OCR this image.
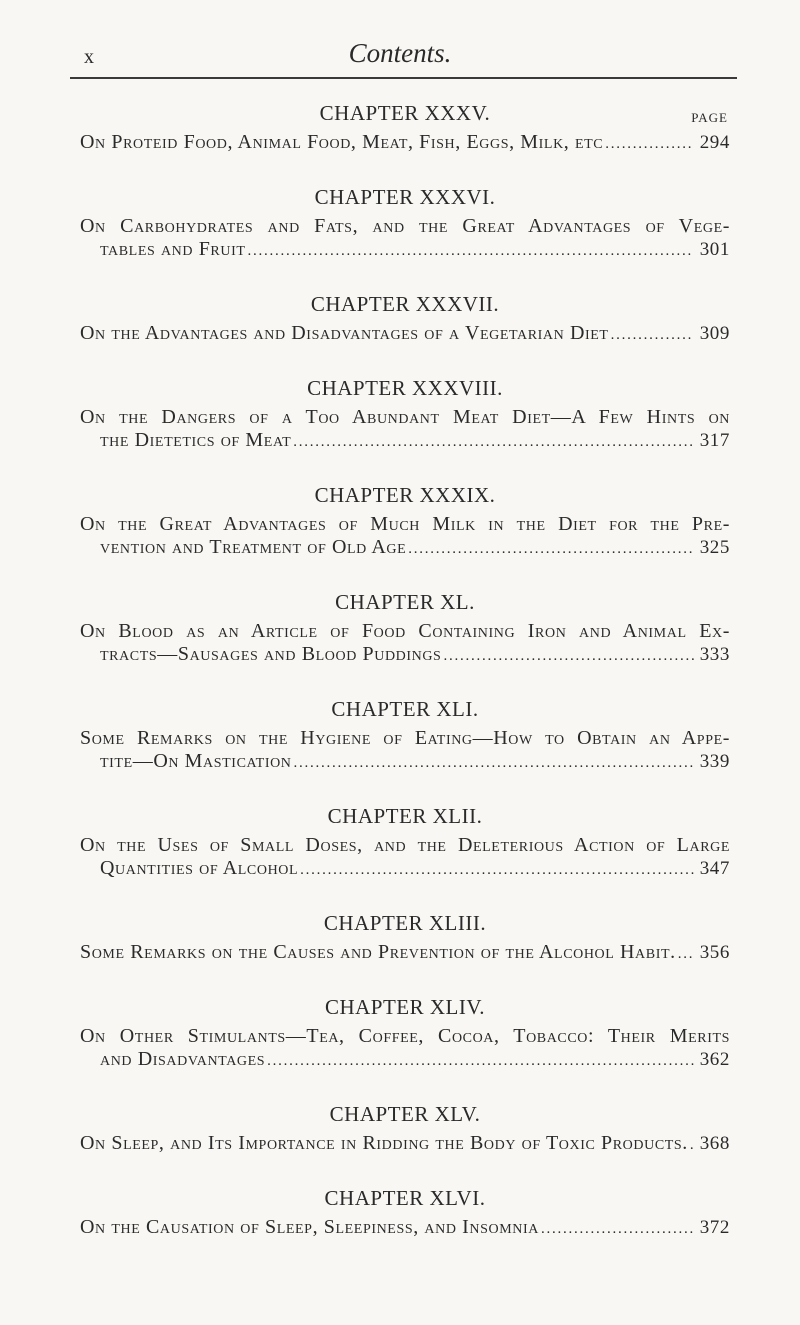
x	Contents.
PAGE
CHAPTER XXXV.
On Proteid Food, Animal Food, Meat, Fish, Eggs, Milk, etc . . .	294
CHAPTER XXXVI.
On Carbohydrates and Fats, and the Great Advantages of Vege-
tables and Fruit . . .	301
CHAPTER XXXVII.
On the Advantages and Disadvantages of a Vegetarian Diet . . .	309
CHAPTER XXXVIII.
On the Dangers of a Too Abundant Meat Diet—A Few Hints on
the Dietetics of Meat . . .	317
CHAPTER XXXIX.
On the Great Advantages of Much Milk in the Diet for the Pre-
vention and Treatment of Old Age . . .	325
CHAPTER XL.
On Blood as an Article of Food Containing Iron and Animal Ex-
tracts—Sausages and Blood Puddings . . .	333
CHAPTER XLI.
Some Remarks on the Hygiene of Eating—How to Obtain an Appe-
tite—On Mastication . . .	339
CHAPTER XLII.
On the Uses of Small Doses, and the Deleterious Action of Large
Quantities of Alcohol . . .	347
CHAPTER XLIII.
Some Remarks on the Causes and Prevention of the Alcohol Habit. . . . 356
CHAPTER XLIV.
On Other Stimulants—Tea, Coffee, Cocoa, Tobacco: Their Merits
and Disadvantages . . .	362
CHAPTER XLV.
On Sleep, and Its Importance in Ridding the Body of Toxic Products. . . . 368
CHAPTER XLVI.
On the Causation of Sleep, Sleepiness, and Insomnia . . .	372
